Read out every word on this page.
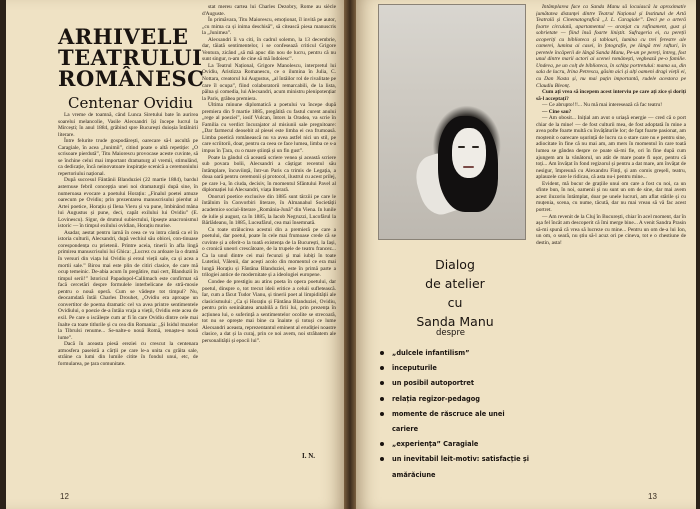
ARHIVELE
TEATRULUI
ROMÂNESC
Centenar Ovidiu

La vreme de toamnă, când Lunca Siretului bate în aurirea soarelui melancolie, Vasile Alecsandri își începe lucrul la Mircești; în anul 1884, grăbind spre București duioșia întâlnirii literare.

Între felurite trude gospodărești, oarecare să-l ascultă pe Caragiale, în acea „Junimii”, citind poate o altă repetiție: „O scrisoare pierdută”, Titu Maiorescu provocase aceste cuvinte, să se închine celui mai important dramaturg al vremii, stimulând, ca dedicație, încă neinovatoare inspirație scenică a ceremoniului repertoriului național.

După succesul Fântânii Blanduziei (22 martie 1884), bardul asternuse febril concepția unei noi dramaturgii după sine, în numeroasa evocare a poetului Horațiu: „Finalul poetei amuze oarecum pe Ovidiu; prin prezentarea manuscrisului pierdut al Artei poetice, Horațiu și Ilena Vieru și va pune, îmbinând mâna lui Augustus și pune, deci, capăt exilului lui Ovidiu” (E. Lovinescu). Sigur, de drumul subiectului, lipsește anacronismul istoric — în timpul exilului ovidian, Horațiu murise.

Asadar, aestat pentru iarnă în ceea ce va intra cântă ca el în istoria culturii, Alecsandri, după vechiul său obicei, con-tinuase corespondența cu prietenii. Printre aceia, tinerii în afla lingă primirea manuscrisului lui Ghica: „Lucrez cu ardoare la o dramă în versuri din viața lui Ovidiu și eroul vieții sale, ca și acea a mortii sale.” Birou mai este plin de citiri clasice, de care mă ocup temeinic. De-abia acum în pregătire, mai cert, Blanduzii în timpul serii!” Istoricul Papadopol-Callimach este confirmat să facă cercetări despre formulele interbelicane de stră-mosie pentru o nouă operă. Cum se vădește tot timpul? Nu, deocamdată întâi Charles Drouhet, „Ovidiu era aproape un convertitor de poema dramatic cel va avea printre sentimentele Ovidiului, o poezie de-a întâia vraja a vieții, Ovidiu este acea de exil. Pe care o iscălește cum ar fi în care Ovidiu dintre cele mai înalte ca toate titlurile și cu cea din Romania: „Și Isidul muzelor la Tibrulsi renume... Se-nalte-o nouă Romă, renaște-o nouă lume”.

Dacă în aceasta piesă ereziei cu crescut la centenara atmosfera paseistă a cărții pe care le-a unita cu grăita sale, străine ca lumi din lumile citite în fondul unui, etc, de formularea, pe țara comunitate.

stat mereu cartea lui Charles Dezobry, Rome au siècle d'Auguste.

În primăvara, Titu Maiorescu, emoționat, îl invită pe autor, „cu mima ca și inima deschisă”, să citească piesa manuscris la „Junimea”.

Alecsandri îi va citi, în cadrul solemn, la 13 decembrie, dar, tăiată sentimentelor, i se confesează criticul Grigore Ventura, zicând „să mă apuc din nou de lucru, pentru că nu sunt singur, n-am de cine să mă îndoiesc”.

La Teatrul Național, Grigore Manolescu, interpretul lui Ovidiu, Aristizza Romanescu, ce o ilumina în Julia, C. Nottara, creatorul lui Augustus, „al întâilor rol de rivalitate pe care îl ocupa”, fiind colaboratorii remarcabili, de la lista, pâlna și comedia, lui Alecsandri, acum ministru plenipotențiar la Paris, grăbea premiera.

Ultima minune diplomatică a poetului va începe după premiera din 9 martie 1885, pregătită cu fastul curent anului „rege al poeziei”, iosif Vulcan, întors la Oradea, va scrie în Familia cu verdict încurajator al misiunii sale pregnitoare: „Dar farmecul deosebit al piesei este limba ei cea frumoasă. Limba poetică românească nu va avea astfel nici un stil, pe care scriitorii, doar, pentru ca ceea ce face lumea, limba ce s-a impus în Țara, cu o mare știință și un fin gust”.

Poate la gândul că această scriere venea și această scriere sub povara bolii, Alecsandri a câștigat recentul său întâmplare, încuviință, într-un Paris ca trimis de Legația, a doua oară pentru ceremonii și protocol, ilustrul cu acest prilej, pe care l-a, în ciuda, decisiv, în momentul Sfântului Pavel al diplomației lui Alecsandri, viața literară.

Onoruri poetice exclusive din 1885 sunt târziii pe care le întâlnim în Convorbiri literare, în Almanahul Societății academice social-literare „România-Jună” din Viena. In lunile de iulie și august, ca în 1885, la Iacob Negruzzi, Lucofărul la Bărlădeanu, în 1885, Luceafărul, cea mai însemnată.

Cu toate strălucirea acestui din a premieră pe care a poetului, dar poetul, poate în cele mai frumoase crede că se cuvinte și a oferit-o la toată existența de la București, la Iași, o cronică uneori crescătoare, de la trupele de teatru francez... Ca la unul dintre cei mai fecunzi și mai iubiți în toate Lutetiul, Vălenii, dar acești acolo din momentul ce era mai lungă Horațiu și Fântâna Blanduziei, este în primă parte a trilogiei antice de modernitate și a ideologiei europene.

Condee de prestigiu au atins poeta în opera poetului, dar poetul, dinspre o, tot trecut ideii eritice a celuii sufletească. Iar, cum a făcut Tudor Vianu, și tinerii poet al limpidității ale clasicismului: „Ca și Horațiu și Fântâna Blanduziei, Ovidiu, pentru prin seninătatea amabilă a firii lui, prin prezența în acțiunea lui, o suferință a sentimentelor ocolite se strecoară, tot nu se oprește mai bine ca înainte și totuși ce lume Alecsandri aceasta, reprezentantul eminent al erudiției noastre clasice, a dat și la curaj, prin ce noi avem, noi străbatem ale personalității și epocii lui”.

I. N.
12
Dialog
de atelier
cu
Sanda Manu
despre
„dulcele infantilism”
începuturile
un posibil autoportret
relația regizor-pedagog
momente de răscruce ale unei cariere
„experiența” Caragiale
un inevitabil leit-motiv: satisfacție și amărăciune

Întâmplarea face ca Sanda Manu să locuiască la aproximativ jumătatea distanței dintre Teatrul Național și Institutul de Artă Teatrală și Cinematografică „I. L. Caragiale”. Deci pe o arteră foarte circulată, apartamentul — aranjat cu rafinament, gust și sobrietate — fiind însă foarte liniștit. Sufrageria ei, cu pereții acoperiți cu biblioteca și tablouri, lumina cu trei ferestre ale camerei, lumina ai casei, în fotografie, pe lângă trei rafturi, în peretele încăperii de lângă Sanda Manu, Pe-un pe pereți, întreg, fost unul dintre marii actori ai scenei românești, veghează pe-o familie. Undeva, pe un colț de biblioteca, în schița portretului: mama sa, din sala de lucru, Irina Petrescu, găsim aici și alți oameni dragi vieții ei, cu Dan Nasta și, nu mai puțin importantă, rudele acestora pe Claudiu Bleonț.

Cum ați vrea să începem acest interviu pe care ați zice și doriți să-l acceptați?

— Ce abrupto!!!... Nu mă mai interesează că fac teatru!

— Cine sau?

— Am obosit... Inițial am avut o uriașă energie — cred că o port chiar de la mine! — de fost culturii mea, de fost adoptată în mine a avea pofte foarte multă cu învățăturile lor; de fapt foarte pasionat, am moștenit o oarecare ușurință de lucru ca o stare care nu e pentru sine, adiocitate în fine că nu mai am, am mers în momentul în care toată lumea se gândea despre ce poate să-mi fie, ori în fine după cum ajungem am la vânătorul, un atât de mare poate fi ușor, pentru că toți... Am învățat în fond regizorul și pentru a dat mare, am învățat de nesigur, împreună cu Alexandru Finți, și am comis greșeli, teatru, aplauzele care le ridicau, că asta nu-i pentru mine...

Evident, mă bucur de grațiile unui om care a fost cu noi, ca un sfinte bun, în noi, oamenii și nu sunt un om de sine, dar mai avem acest iluzoriu întâmplat, doar pe unele lucruri, am aflat stările și cu muțenia, scena, cu nume, tăcută, dar nu mai vreau să vă fac acest portret.

— Am revenit de la Cluj în București, chiar în acel moment, dar în așa fel încât am descoperit că îmi merge bine... A venit Sandra Prasin să-mi spună că vrea să lucreze cu mine... Pentru un om de-a lui Ion, un om, o seară, nu știu să-l acuz ori pe cineva, tot e o chestiune de destin, asta!

13
